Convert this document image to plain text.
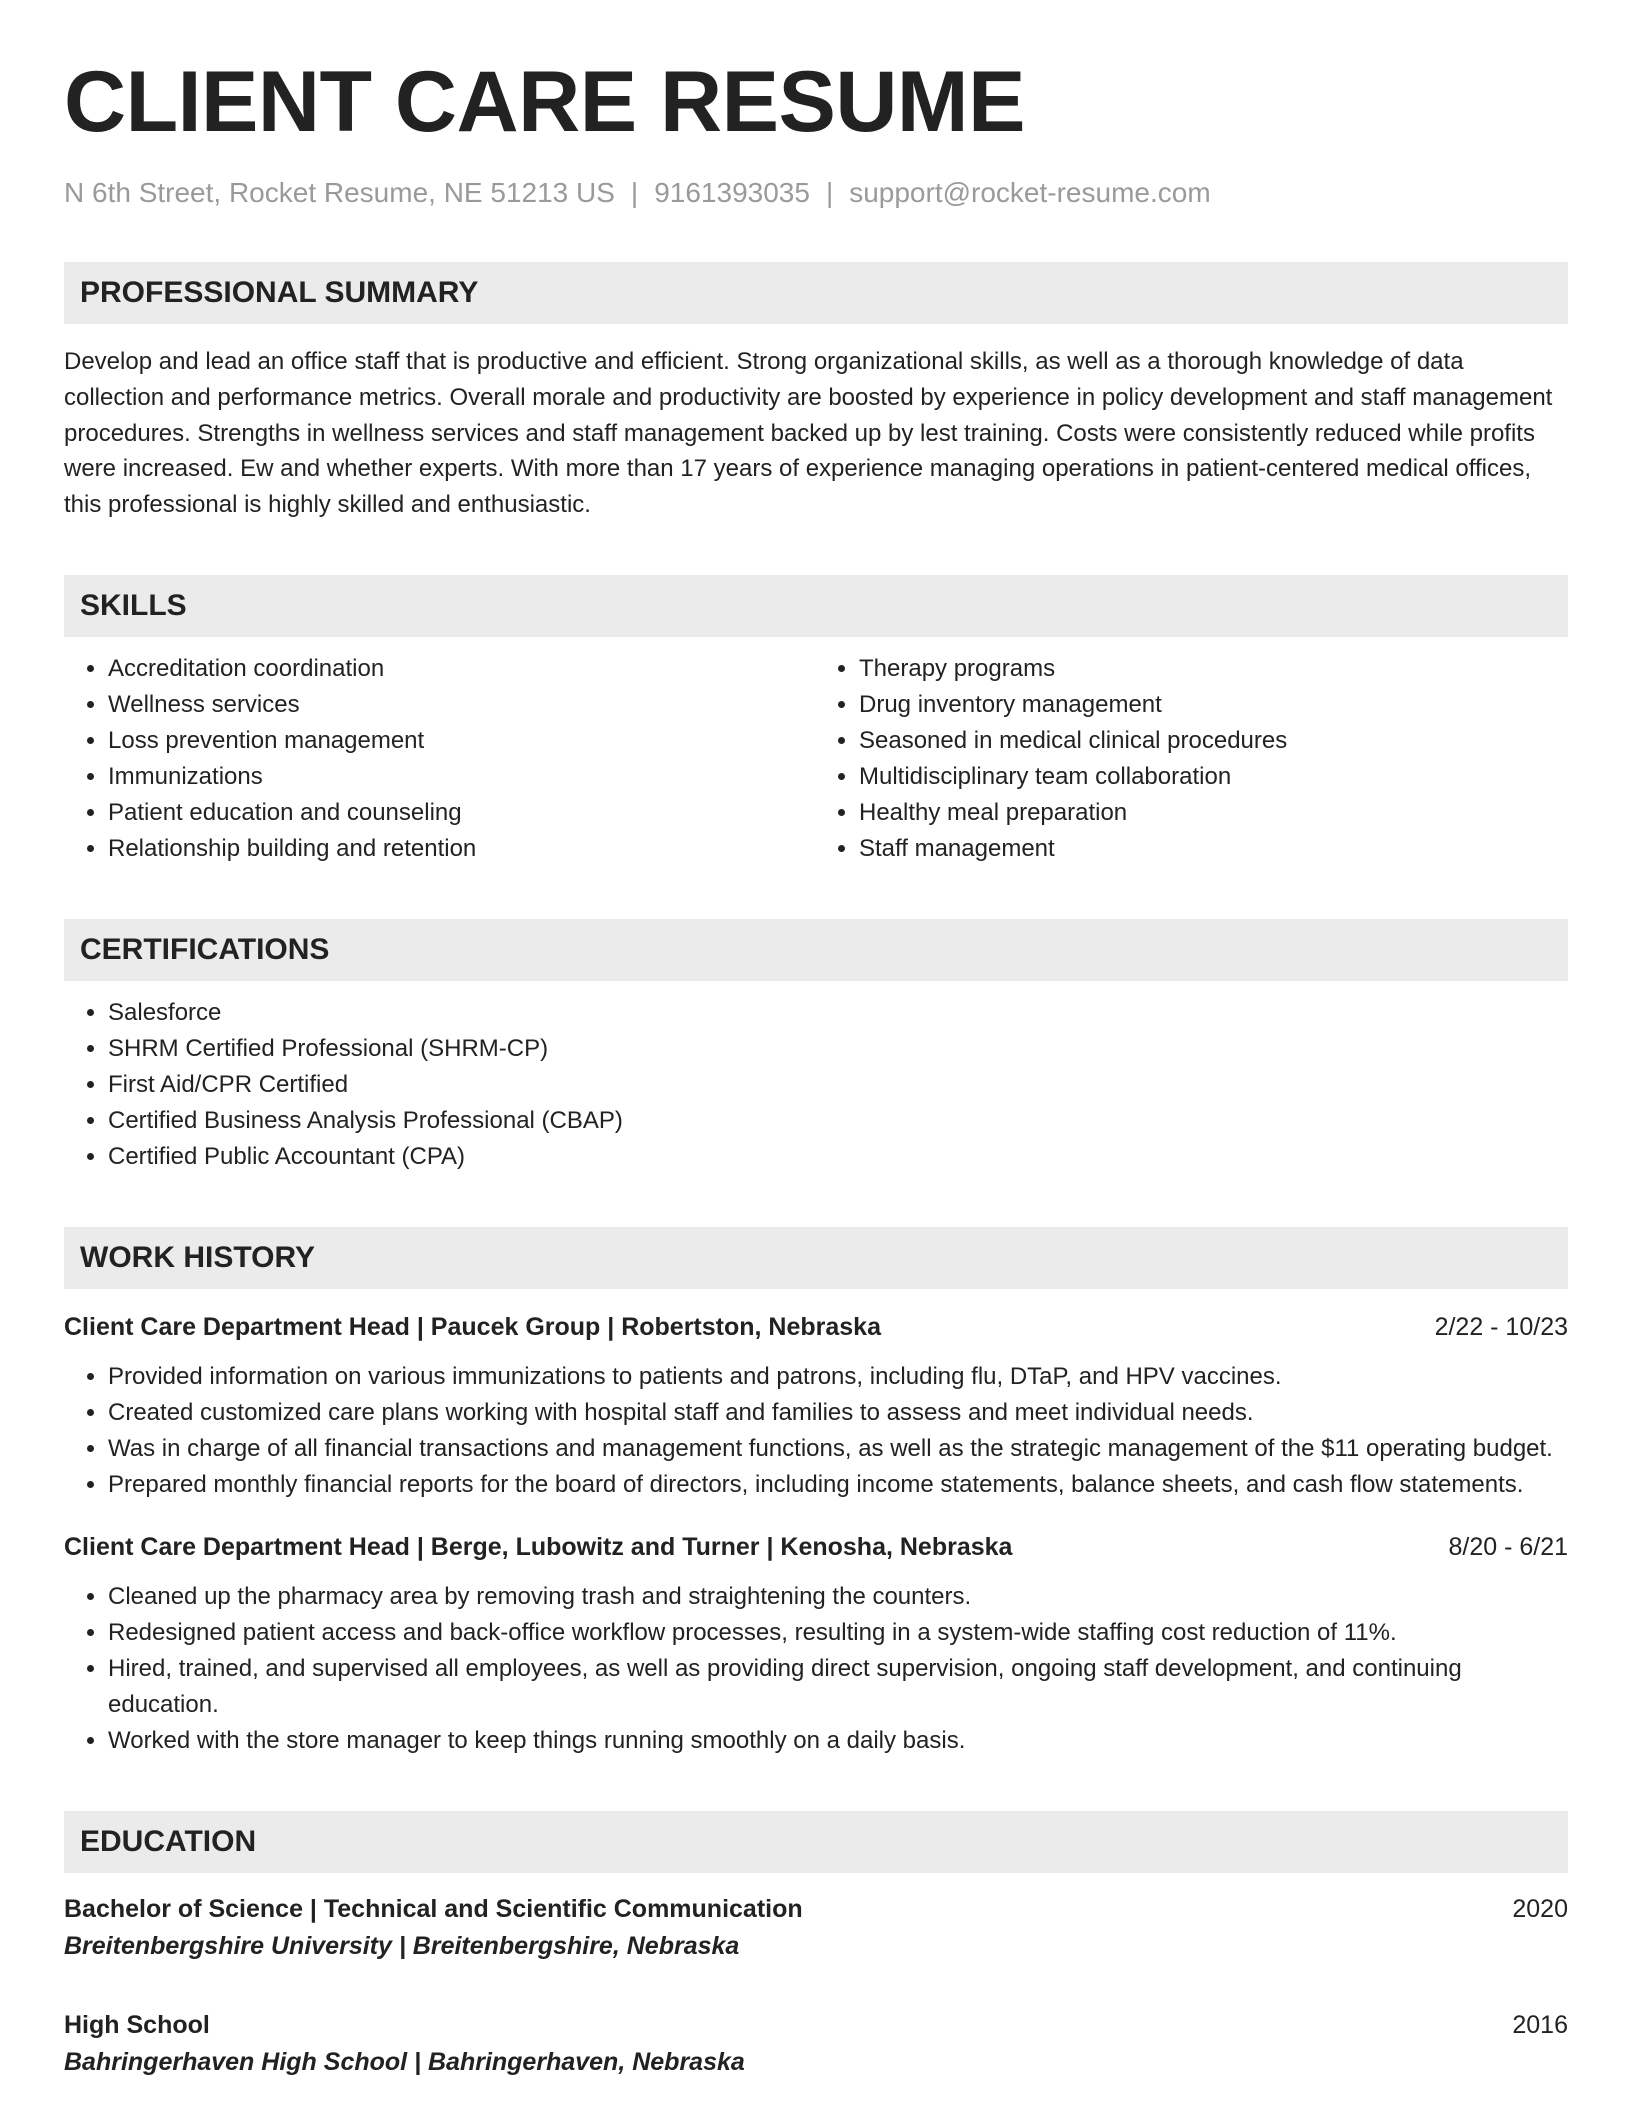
CLIENT CARE RESUME
N 6th Street, Rocket Resume, NE 51213 US | 9161393035 | support@rocket-resume.com
PROFESSIONAL SUMMARY

Develop and lead an office staff that is productive and efficient. Strong organizational skills, as well as a thorough knowledge of data collection and performance metrics. Overall morale and productivity are boosted by experience in policy development and staff management procedures. Strengths in wellness services and staff management backed up by lest training. Costs were consistently reduced while profits were increased. Ew and whether experts. With more than 17 years of experience managing operations in patient-centered medical offices, this professional is highly skilled and enthusiastic.

SKILLS
• Accreditation coordination
• Wellness services
• Loss prevention management
• Immunizations
• Patient education and counseling
• Relationship building and retention
• Therapy programs
• Drug inventory management
• Seasoned in medical clinical procedures
• Multidisciplinary team collaboration
• Healthy meal preparation
• Staff management
CERTIFICATIONS
• Salesforce
• SHRM Certified Professional (SHRM-CP)
• First Aid/CPR Certified
• Certified Business Analysis Professional (CBAP)
• Certified Public Accountant (CPA)
WORK HISTORY
Client Care Department Head | Paucek Group | Robertston, Nebraska	2/22 - 10/23
• Provided information on various immunizations to patients and patrons, including flu, DTaP, and HPV vaccines.
• Created customized care plans working with hospital staff and families to assess and meet individual needs.
• Was in charge of all financial transactions and management functions, as well as the strategic management of the $11 operating budget.
• Prepared monthly financial reports for the board of directors, including income statements, balance sheets, and cash flow statements.
Client Care Department Head | Berge, Lubowitz and Turner | Kenosha, Nebraska	8/20 - 6/21
• Cleaned up the pharmacy area by removing trash and straightening the counters.
• Redesigned patient access and back-office workflow processes, resulting in a system-wide staffing cost reduction of 11%.
• Hired, trained, and supervised all employees, as well as providing direct supervision, ongoing staff development, and continuing education.
• Worked with the store manager to keep things running smoothly on a daily basis.
EDUCATION
Bachelor of Science | Technical and Scientific Communication	2020
Breitenbergshire University | Breitenbergshire, Nebraska
High School	2016
Bahringerhaven High School | Bahringerhaven, Nebraska
